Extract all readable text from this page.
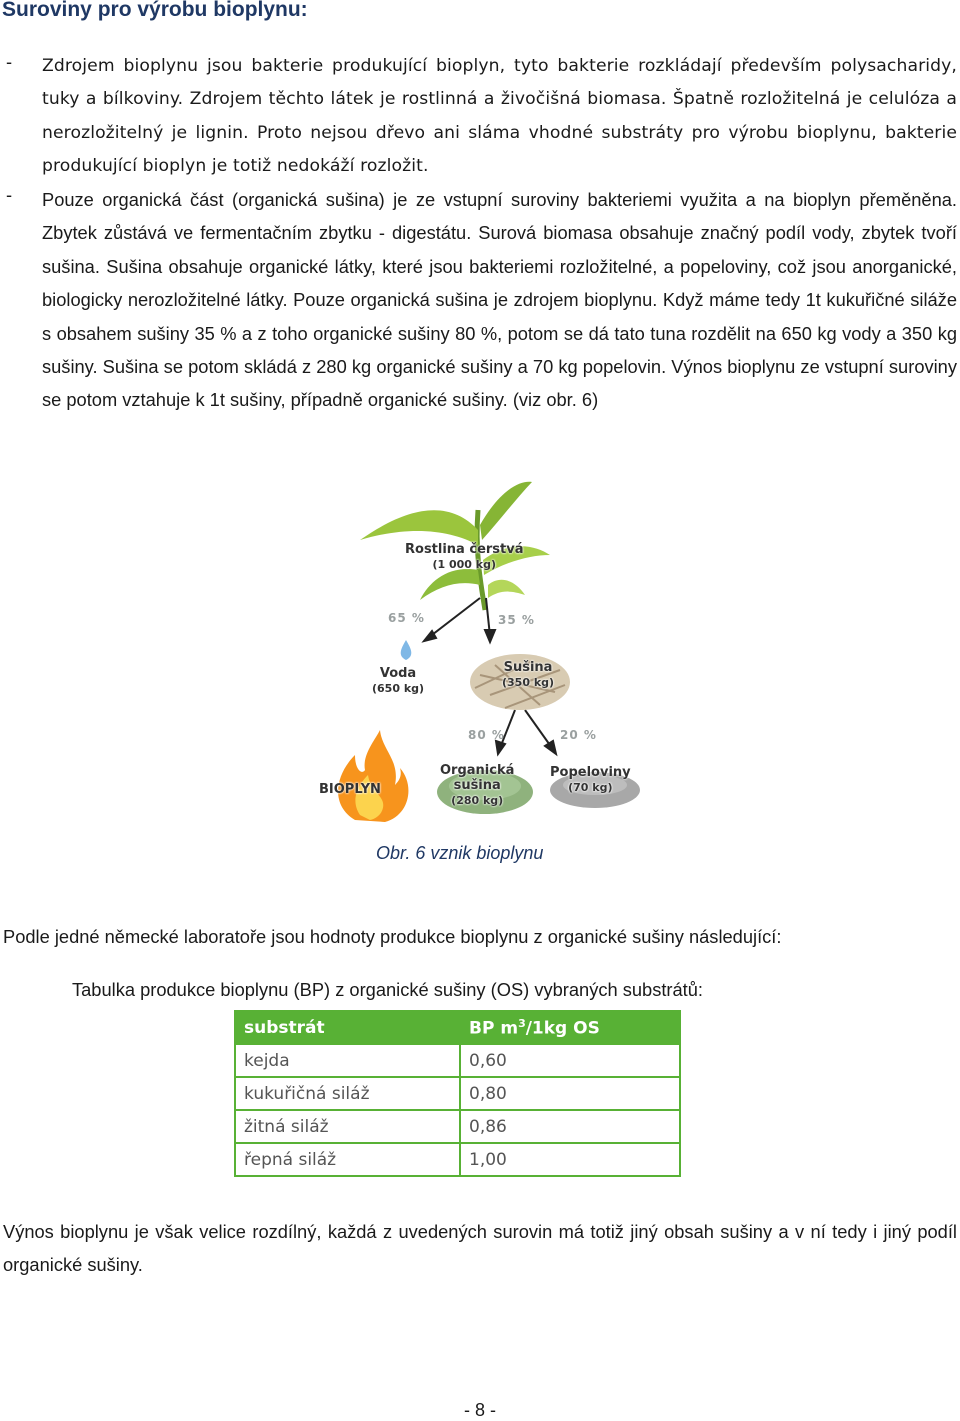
Suroviny pro výrobu bioplynu:
- Zdrojem bioplynu jsou bakterie produkující bioplyn, tyto bakterie rozkládají především polysacharidy, tuky a bílkoviny. Zdrojem těchto látek je rostlinná a živočišná biomasa. Špatně rozložitelná je celulóza a nerozložitelný je lignin. Proto nejsou dřevo ani sláma vhodné substráty pro výrobu bioplynu, bakterie produkující bioplyn je totiž nedokáží rozložit.
- Pouze organická část (organická sušina) je ze vstupní suroviny bakteriemi využita a na bioplyn přeměněna. Zbytek zůstává ve fermentačním zbytku - digestátu. Surová biomasa obsahuje značný podíl vody, zbytek tvoří sušina. Sušina obsahuje organické látky, které jsou bakteriemi rozložitelné, a popeloviny, což jsou anorganické, biologicky nerozložitelné látky. Pouze organická sušina je zdrojem bioplynu. Když máme tedy 1t kukuřičné siláže s obsahem sušiny 35 % a z toho organické sušiny 80 %, potom se dá tato tuna rozdělit na 650 kg vody a 350 kg sušiny. Sušina se potom skládá z 280 kg organické sušiny a 70 kg popelovin. Výnos bioplynu ze vstupní suroviny se potom vztahuje k 1t sušiny, případně organické sušiny. (viz obr. 6)
Rostlina čerstvá
(1 000 kg)
65 %	35 %
Voda
(650 kg)
Sušina
(350 kg)
80 %	20 %
BIOPLYN
Organická
sušina
(280 kg)
Popeloviny
(70 kg)
Obr. 6 vznik bioplynu
Podle jedné německé laboratoře jsou hodnoty produkce bioplynu z organické sušiny následující:
Tabulka produkce bioplynu (BP) z organické sušiny (OS) vybraných substrátů:
substrát	BP $m^3/1kg$ OS
kejda	0,60
kukuřičná siláž	0,80
žitná siláž	0,86
řepná siláž	1,00
Výnos bioplynu je však velice rozdílný, každá z uvedených surovin má totiž jiný obsah sušiny a v ní tedy i jiný podíl organické sušiny.
- 8 -
